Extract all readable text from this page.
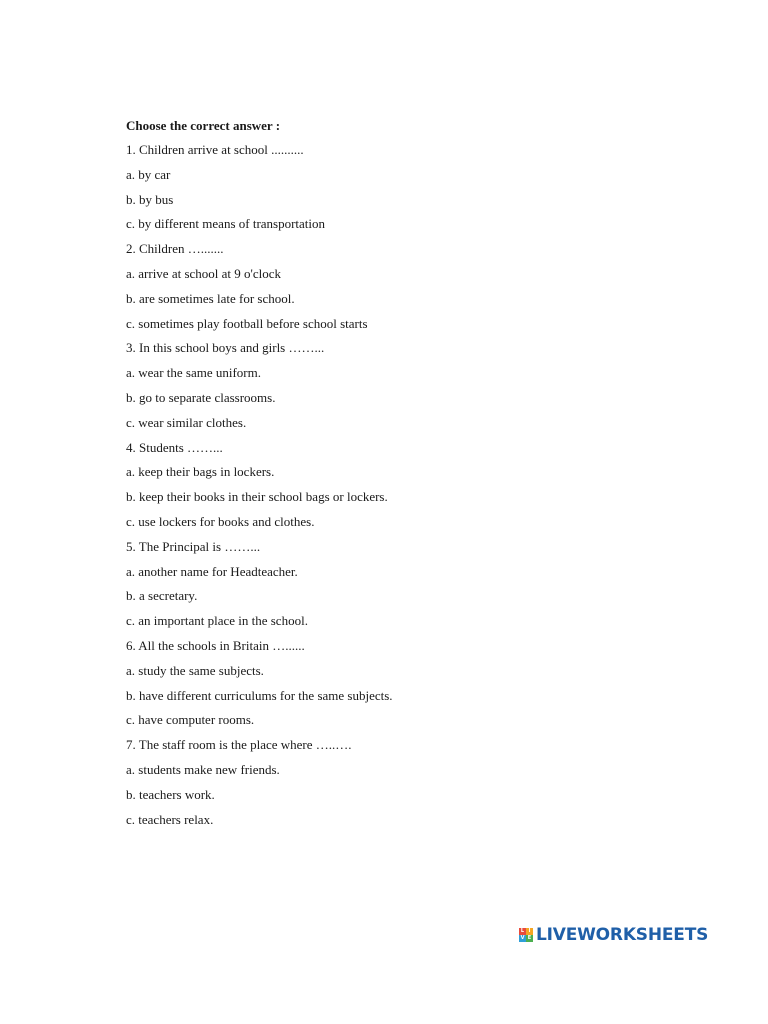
Choose the correct answer :
1. Children arrive at school ..........
a. by car
b. by bus
c. by different means of transportation
2. Children ….......
a. arrive at school at 9 o'clock
b. are sometimes late for school.
c. sometimes play football before school starts
3. In this school boys and girls ……...
a. wear the same uniform.
b. go to separate classrooms.
c. wear similar clothes.
4. Students ……...
a. keep their bags in lockers.
b. keep their books in their school bags or lockers.
c. use lockers for books and clothes.
5. The Principal is ……...
a. another name for Headteacher.
b. a secretary.
c. an important place in the school.
6. All the schools in Britain …......
a. study the same subjects.
b. have different curriculums for the same subjects.
c. have computer rooms.
7. The staff room is the place where …..….
a. students make new friends.
b. teachers work.
c. teachers relax.
L I
V E LIVEWORKSHEETS
